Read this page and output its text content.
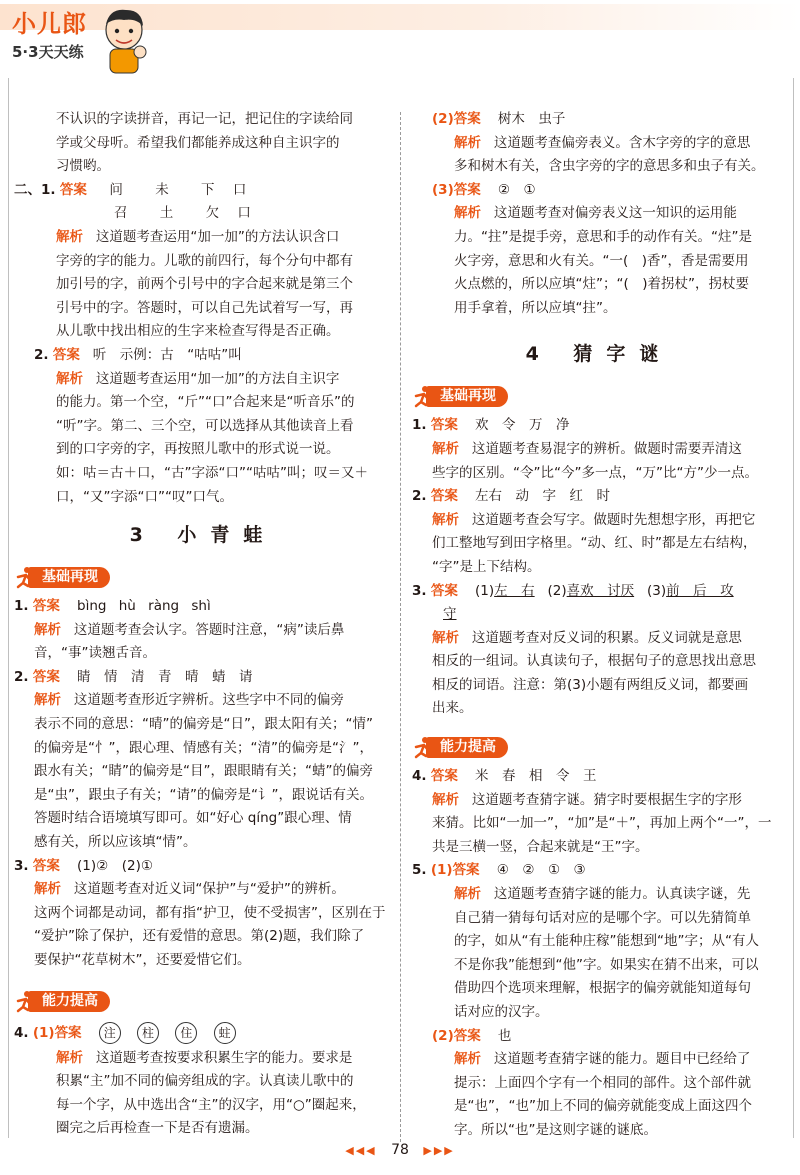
小儿郎
5·3天天练

不认识的字读拼音，再记一记，把记住的字读给同

学或父母听。希望我们都能养成这种自主识字的

习惯哟。

二、1. 答案 问 未 下 口

召 土 欠 口

解析 这道题考查运用“加一加”的方法认识含口

字旁的字的能力。儿歌的前四行，每个分句中都有

加引号的字，前两个引号中的字合起来就是第三个

引号中的字。答题时，可以自己先试着写一写，再

从儿歌中找出相应的生字来检查写得是否正确。

2. 答案 听　示例：古　“咕咕”叫

解析 这道题考查运用“加一加”的方法自主识字

的能力。第一个空，“斤”“口”合起来是“听音乐”的

“听”字。第二、三个空，可以选择从其他读音上看

到的口字旁的字，再按照儿歌中的形式说一说。

如：咕＝古＋口，“古”字添“口”“咕咕”叫；叹＝又＋

口，“又”字添“口”“叹”口气。

3 小青蛙
基础再现

1. 答案 bìng hù ràng shì

解析 这道题考查会认字。答题时注意，“病”读后鼻

音，“事”读翘舌音。

2. 答案 睛　情　清　青　晴　蜻　请

解析 这道题考查形近字辨析。这些字中不同的偏旁

表示不同的意思：“晴”的偏旁是“日”，跟太阳有关；“情”

的偏旁是“忄”，跟心理、情感有关；“清”的偏旁是“氵”，

跟水有关；“睛”的偏旁是“目”，跟眼睛有关；“蜻”的偏旁

是“虫”，跟虫子有关；“请”的偏旁是“讠”，跟说话有关。

答题时结合语境填写即可。如“好心 qíng”跟心理、情

感有关，所以应该填“情”。

3. 答案 (1)②　(2)①

解析 这道题考查对近义词“保护”与“爱护”的辨析。

这两个词都是动词，都有指“护卫，使不受损害”，区别在于

“爱护”除了保护，还有爱惜的意思。第(2)题，我们除了

要保护“花草树木”，还要爱惜它们。

能力提高

4. (1)答案 注 柱 住 蛀

解析 这道题考查按要求积累生字的能力。要求是

积累“主”加不同的偏旁组成的字。认真读儿歌中的

每一个字，从中选出含“主”的汉字，用“○”圈起来，

圈完之后再检查一下是否有遗漏。

(2)答案 树木　虫子

解析 这道题考查偏旁表义。含木字旁的字的意思

多和树木有关，含虫字旁的字的意思多和虫子有关。

(3)答案 ②　①

解析 这道题考查对偏旁表义这一知识的运用能

力。“拄”是提手旁，意思和手的动作有关。“炷”是

火字旁，意思和火有关。“一(　)香”，香是需要用

火点燃的，所以应填“炷”；“(　)着拐杖”，拐杖要

用手拿着，所以应填“拄”。

4 猜字谜
基础再现

1. 答案 欢　令　万　净

解析 这道题考查易混字的辨析。做题时需要弄清这

些字的区别。“令”比“今”多一点，“万”比“方”少一点。

2. 答案 左右　动　字　红　时

解析 这道题考查会写字。做题时先想想字形，再把它

们工整地写到田字格里。“动、红、时”都是左右结构，

“字”是上下结构。

3. 答案 (1)左　右 (2)喜欢　讨厌 (3)前　后　攻

守

解析 这道题考查对反义词的积累。反义词就是意思

相反的一组词。认真读句子，根据句子的意思找出意思

相反的词语。注意：第(3)小题有两组反义词，都要画

出来。

能力提高

4. 答案 米　春　相　令　王

解析 这道题考查猜字谜。猜字时要根据生字的字形

来猜。比如“一加一”，“加”是“＋”，再加上两个“一”，一

共是三横一竖，合起来就是“王”字。

5. (1)答案 ④　②　①　③

解析 这道题考查猜字谜的能力。认真读字谜，先

自己猜一猜每句话对应的是哪个字。可以先猜简单

的字，如从“有土能种庄稼”能想到“地”字；从“有人

不是你我”能想到“他”字。如果实在猜不出来，可以

借助四个选项来理解，根据字的偏旁就能知道每句

话对应的汉字。

(2)答案 也

解析 这道题考查猜字谜的能力。题目中已经给了

提示：上面四个字有一个相同的部件。这个部件就

是“也”，“也”加上不同的偏旁就能变成上面这四个

字。所以“也”是这则字谜的谜底。

◀◀◀ 78 ▶▶▶
